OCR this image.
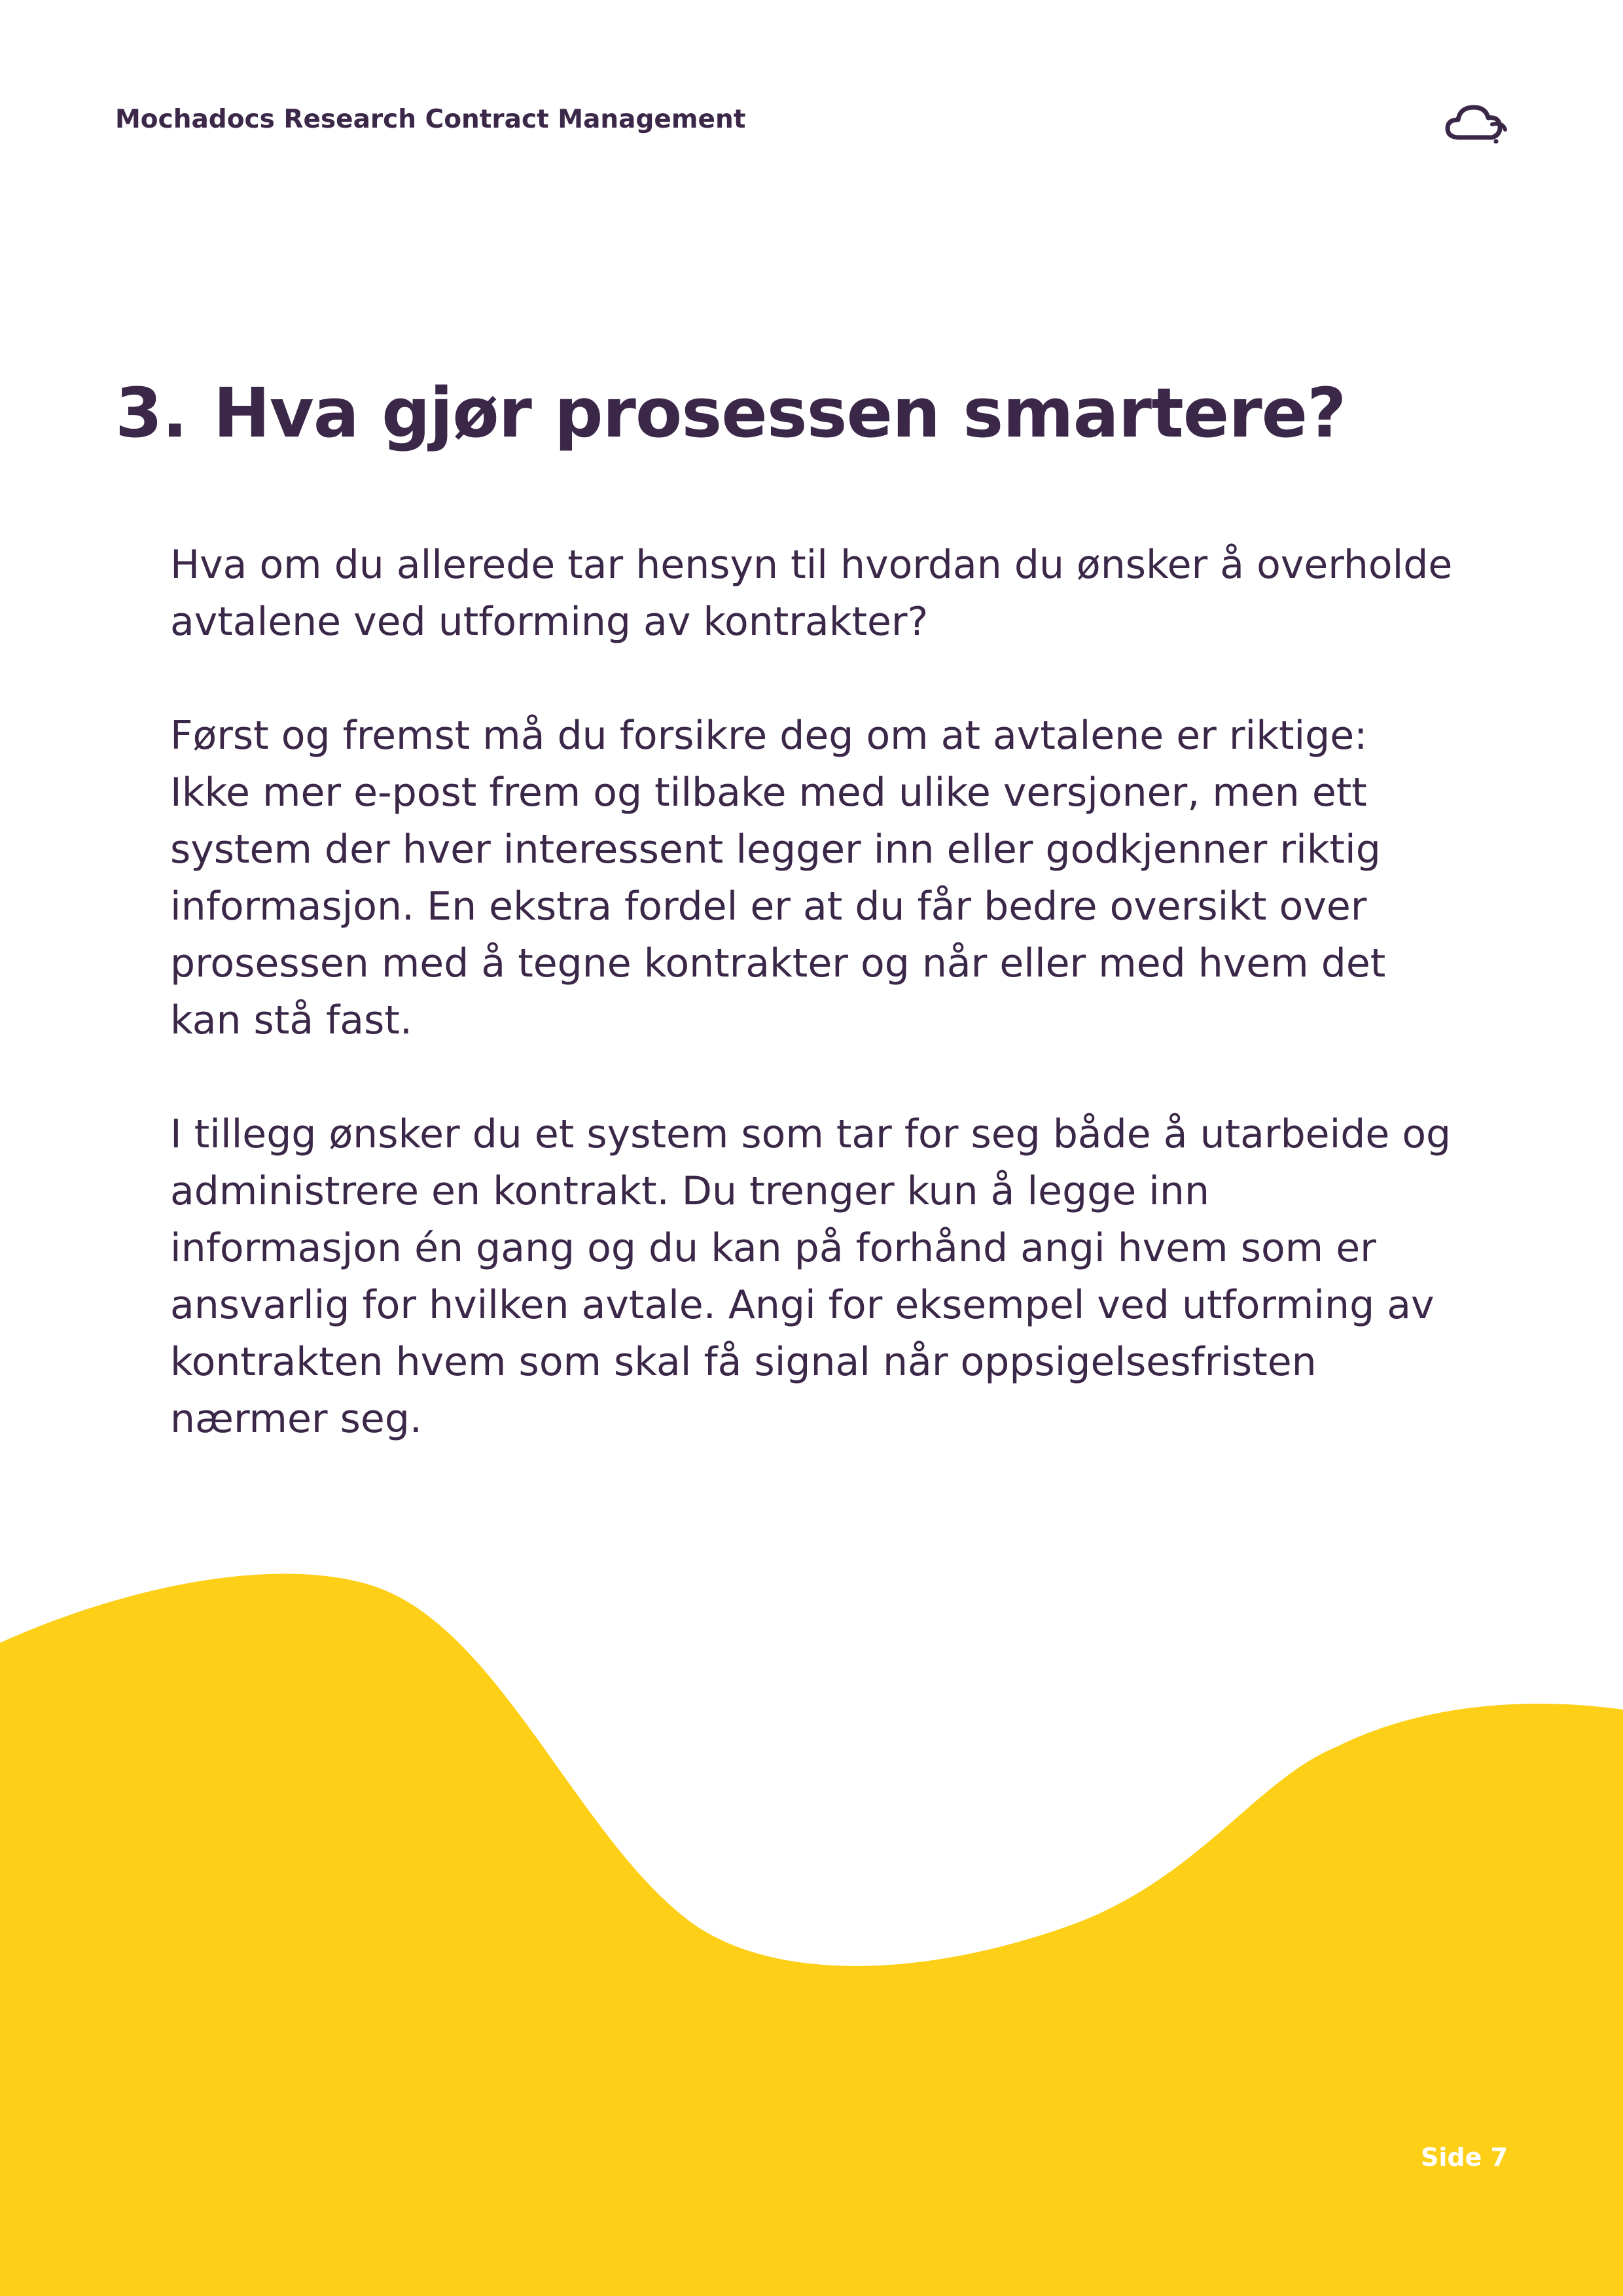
Mochadocs Research Contract Management
3. Hva gjør prosessen smartere?

Hva om du allerede tar hensyn til hvordan du ønsker å overholde avtalene ved utforming av kontrakter?

Først og fremst må du forsikre deg om at avtalene er riktige: Ikke mer e-post frem og tilbake med ulike versjoner, men ett system der hver interessent legger inn eller godkjenner riktig informasjon. En ekstra fordel er at du får bedre oversikt over prosessen med å tegne kontrakter og når eller med hvem det kan stå fast.

I tillegg ønsker du et system som tar for seg både å utarbeide og administrere en kontrakt. Du trenger kun å legge inn informasjon én gang og du kan på forhånd angi hvem som er ansvarlig for hvilken avtale. Angi for eksempel ved utforming av kontrakten hvem som skal få signal når oppsigelsesfristen nærmer seg.

Side 7
